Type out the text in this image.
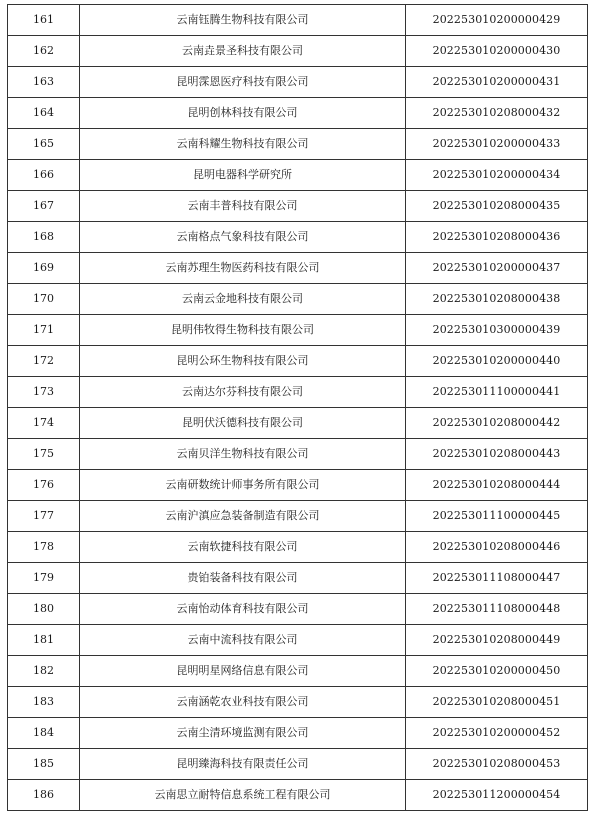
161	云南钰腾生物科技有限公司	202253010200000429
162	云南垚景圣科技有限公司	202253010200000430
163	昆明霂恩医疗科技有限公司	202253010200000431
164	昆明创林科技有限公司	202253010208000432
165	云南科耀生物科技有限公司	202253010200000433
166	昆明电器科学研究所	202253010200000434
167	云南丰普科技有限公司	202253010208000435
168	云南格点气象科技有限公司	202253010208000436
169	云南苏理生物医药科技有限公司	202253010200000437
170	云南云金地科技有限公司	202253010208000438
171	昆明伟牧得生物科技有限公司	202253010300000439
172	昆明公环生物科技有限公司	202253010200000440
173	云南达尔芬科技有限公司	202253011100000441
174	昆明伏沃德科技有限公司	202253010208000442
175	云南贝洋生物科技有限公司	202253010208000443
176	云南研数统计师事务所有限公司	202253010208000444
177	云南沪滇应急装备制造有限公司	202253011100000445
178	云南软捷科技有限公司	202253010208000446
179	贵铂装备科技有限公司	202253011108000447
180	云南怡动体育科技有限公司	202253011108000448
181	云南中流科技有限公司	202253010208000449
182	昆明明星网络信息有限公司	202253010200000450
183	云南涵乾农业科技有限公司	202253010208000451
184	云南尘清环境监测有限公司	202253010200000452
185	昆明臻海科技有限责任公司	202253010208000453
186	云南思立耐特信息系统工程有限公司	202253011200000454
